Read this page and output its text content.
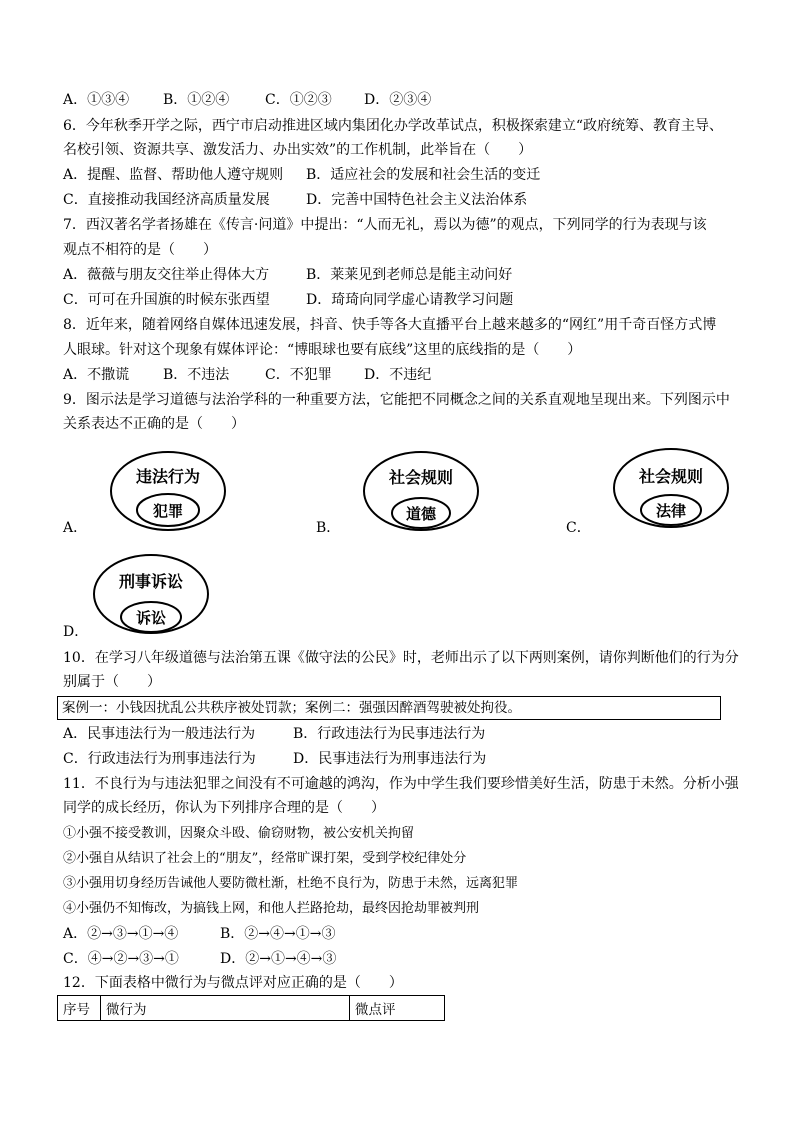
A．①③④ B．①②④	C．①②③ D．②③④
6．今年秋季开学之际，西宁市启动推进区域内集团化办学改革试点，积极探索建立“政府统筹、教育主导、
名校引领、资源共享、激发活力、办出实效”的工作机制，此举旨在（　　）
A．提醒、监督、帮助他人遵守规则 B．适应社会的发展和社会生活的变迁
C．直接推动我国经济高质量发展	D．完善中国特色社会主义法治体系
7．西汉著名学者扬雄在《传言·问道》中提出：“人而无礼，焉以为德”的观点，下列同学的行为表现与该
观点不相符的是（　　）
A．薇薇与朋友交往举止得体大方	B．莱莱见到老师总是能主动问好
C．可可在升国旗的时候东张西望	D．琦琦向同学虚心请教学习问题
8．近年来，随着网络自媒体迅速发展，抖音、快手等各大直播平台上越来越多的“网红”用千奇百怪方式博
人眼球。针对这个现象有媒体评论：“博眼球也要有底线”这里的底线指的是（　　）
A．不撒谎 B．不违法	C．不犯罪 D．不违纪
9．图示法是学习道德与法治学科的一种重要方法，它能把不同概念之间的关系直观地呈现出来。下列图示中
关系表达不正确的是（　　）
A．
违法行为
犯罪
B．
社会规则
道德
C．
社会规则
法律
D．
刑事诉讼
诉讼
10．在学习八年级道德与法治第五课《做守法的公民》时，老师出示了以下两则案例，请你判断他们的行为分
别属于（　　）
案例一：小钱因扰乱公共秩序被处罚款；案例二：强强因醉酒驾驶被处拘役。
A．民事违法行为一般违法行为	B．行政违法行为民事违法行为
C．行政违法行为刑事违法行为	D．民事违法行为刑事违法行为
11．不良行为与违法犯罪之间没有不可逾越的鸿沟，作为中学生我们要珍惜美好生活，防患于未然。分析小强
同学的成长经历，你认为下列排序合理的是（　　）
①小强不接受教训，因聚众斗殴、偷窃财物，被公安机关拘留
②小强自从结识了社会上的“朋友”，经常旷课打架，受到学校纪律处分
③小强用切身经历告诫他人要防微杜渐，杜绝不良行为，防患于未然，远离犯罪
④小强仍不知悔改，为搞钱上网，和他人拦路抢劫，最终因抢劫罪被判刑
A．②→③→①→④	B．②→④→①→③
C．④→②→③→①	D．②→①→④→③
12．下面表格中微行为与微点评对应正确的是（　　）
序号	微行为	微点评
